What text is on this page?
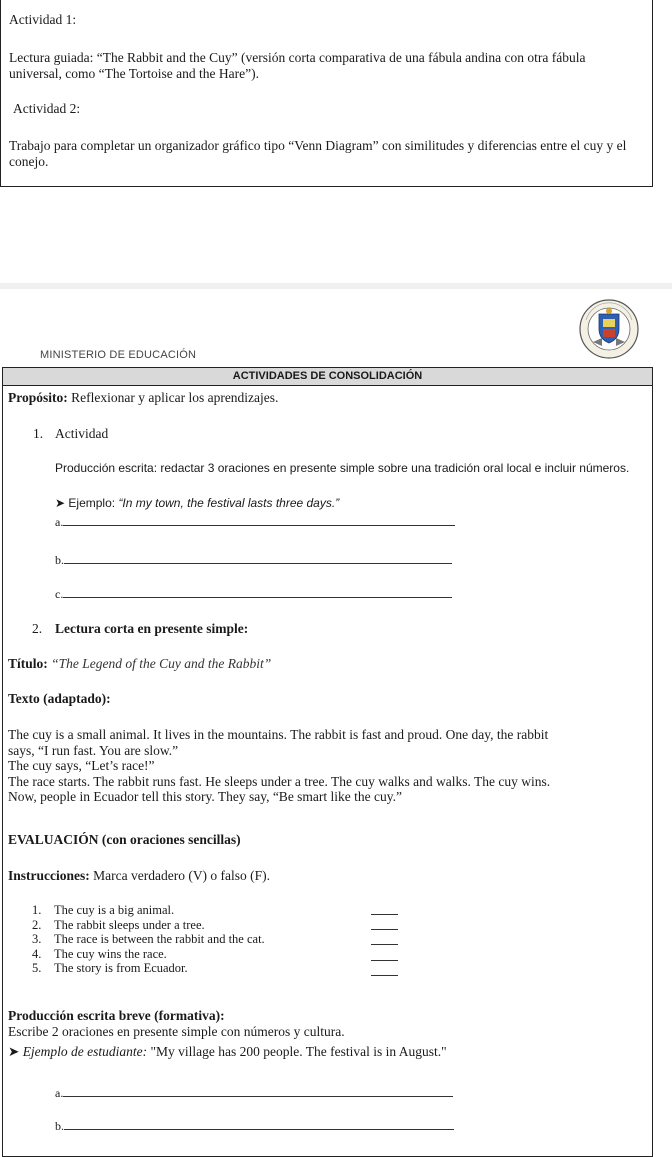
Actividad 1:
Lectura guiada: “The Rabbit and the Cuy” (versión corta comparativa de una fábula andina con otra fábula universal, como “The Tortoise and the Hare”).
Actividad 2:
Trabajo para completar un organizador gráfico tipo “Venn Diagram” con similitudes y diferencias entre el cuy y el conejo.
MINISTERIO DE EDUCACIÓN
ACTIVIDADES DE CONSOLIDACIÓN
Propósito: Reflexionar y aplicar los aprendizajes.
1. Actividad
Producción escrita: redactar 3 oraciones en presente simple sobre una tradición oral local e incluir números.
➤ Ejemplo: “In my town, the festival lasts three days.”
a.
b.
c.
2. Lectura corta en presente simple:
Título: “The Legend of the Cuy and the Rabbit”
Texto (adaptado):
The cuy is a small animal. It lives in the mountains. The rabbit is fast and proud. One day, the rabbit
says, “I run fast. You are slow.”
The cuy says, “Let’s race!”
The race starts. The rabbit runs fast. He sleeps under a tree. The cuy walks and walks. The cuy wins.
Now, people in Ecuador tell this story. They say, “Be smart like the cuy.”
EVALUACIÓN (con oraciones sencillas)
Instrucciones: Marca verdadero (V) o falso (F).
1. The cuy is a big animal.
2. The rabbit sleeps under a tree.
3. The race is between the rabbit and the cat.
4. The cuy wins the race.
5. The story is from Ecuador.
Producción escrita breve (formativa):
Escribe 2 oraciones en presente simple con números y cultura.
➤ Ejemplo de estudiante: "My village has 200 people. The festival is in August."
a.
b.
